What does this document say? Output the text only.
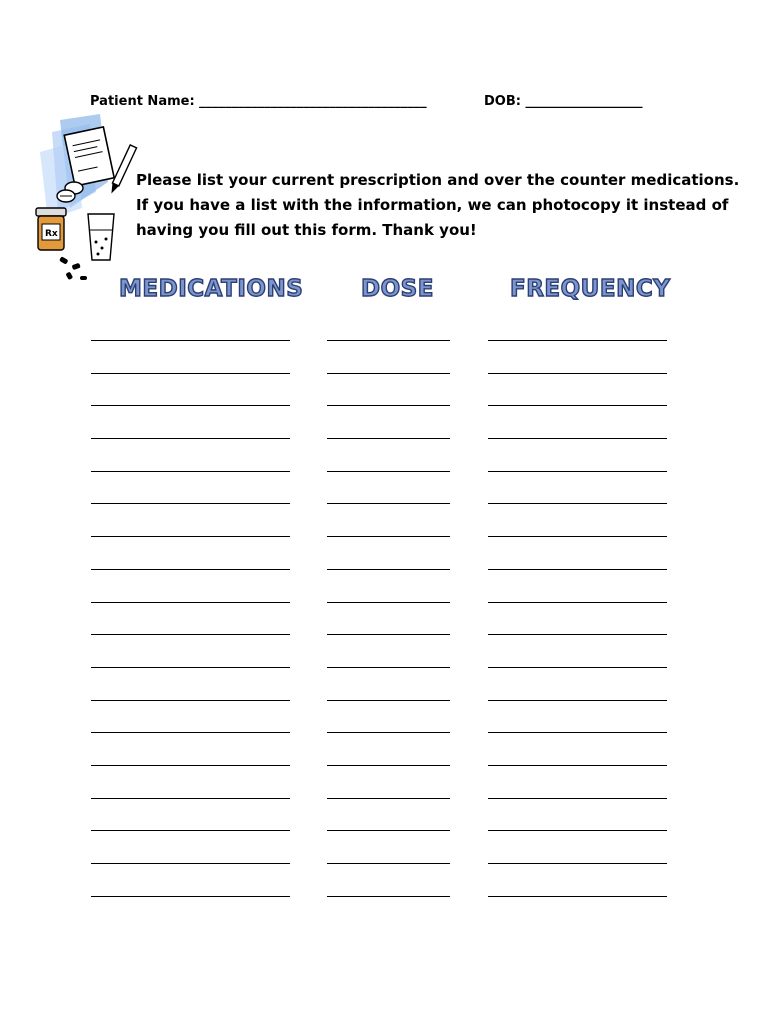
Patient Name: ___________________________________	DOB: __________________
Rx
Please list your current prescription and over the counter medications.
If you have a list with the information, we can photocopy it instead of
having you fill out this form. Thank you!
MEDICATIONS	DOSE	FREQUENCY
